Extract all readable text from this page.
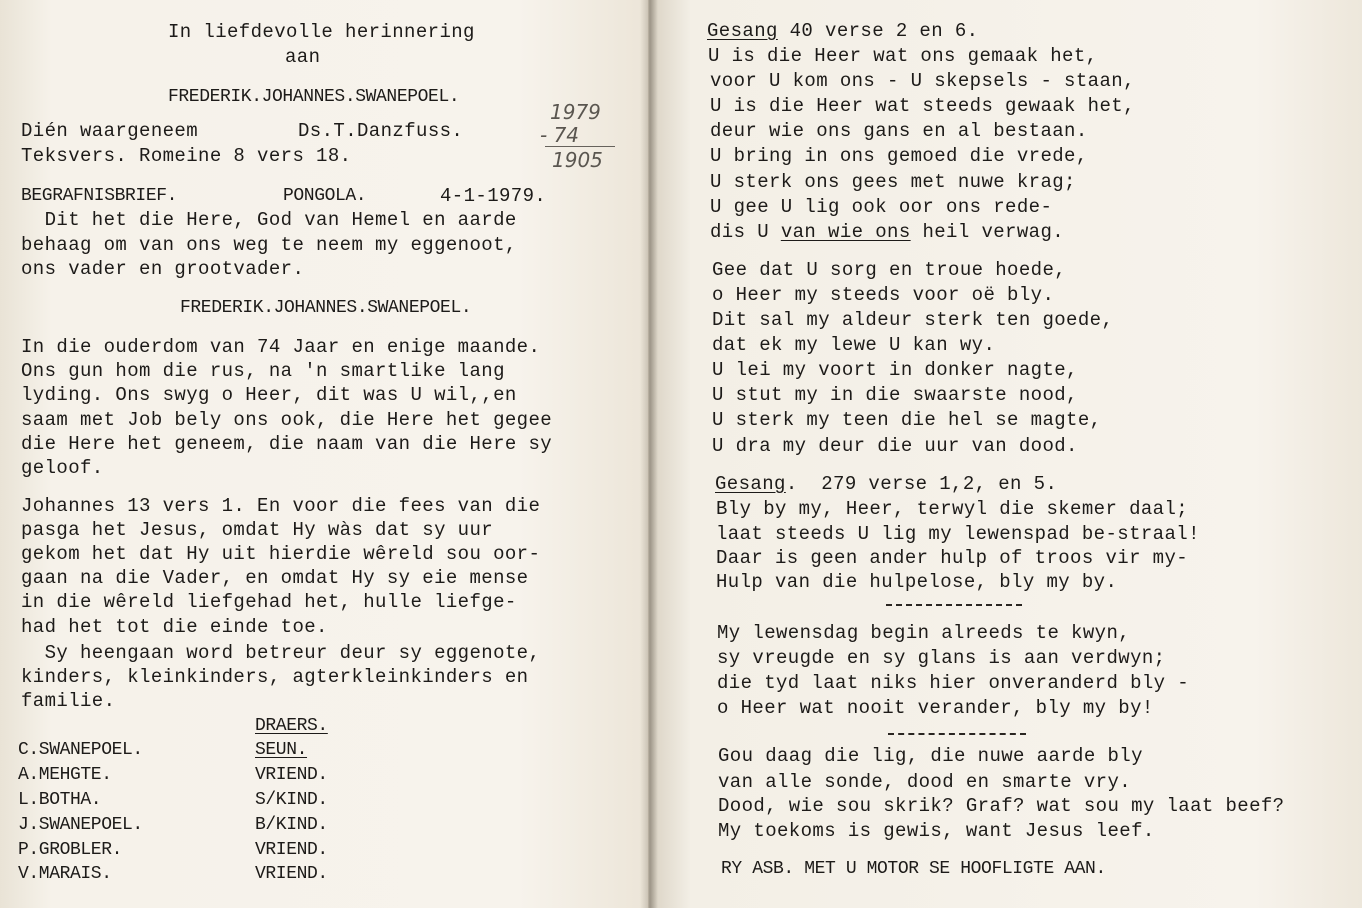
In liefdevolle herinnering
aan
FREDERIK.JOHANNES.SWANEPOEL.
Dién waargeneem	Ds.T.Danzfuss.
Teksvers. Romeine 8 vers 18.
1979
- 74
1905
BEGRAFNISBRIEF.	PONGOLA.	4-1-1979.
Dit het die Here, God van Hemel en aarde
behaag om van ons weg te neem my eggenoot,
ons vader en grootvader.
FREDERIK.JOHANNES.SWANEPOEL.
In die ouderdom van 74 Jaar en enige maande.
Ons gun hom die rus, na 'n smartlike lang
lyding. Ons swyg o Heer, dit was U wil,,en
saam met Job bely ons ook, die Here het gegee
die Here het geneem, die naam van die Here sy
geloof.
Johannes 13 vers 1. En voor die fees van die
pasga het Jesus, omdat Hy wàs dat sy uur
gekom het dat Hy uit hierdie wêreld sou oor-
gaan na die Vader, en omdat Hy sy eie mense
in die wêreld liefgehad het, hulle liefge-
had het tot die einde toe.
Sy heengaan word betreur deur sy eggenote,
kinders, kleinkinders, agterkleinkinders en
familie.
DRAERS.
C.SWANEPOEL.	SEUN.
A.MEHGTE.	VRIEND.
L.BOTHA.	S/KIND.
J.SWANEPOEL.	B/KIND.
P.GROBLER.	VRIEND.
V.MARAIS.	VRIEND.
Gesang 40 verse 2 en 6.
U is die Heer wat ons gemaak het,
voor U kom ons - U skepsels - staan,
U is die Heer wat steeds gewaak het,
deur wie ons gans en al bestaan.
U bring in ons gemoed die vrede,
U sterk ons gees met nuwe krag;
U gee U lig ook oor ons rede-
dis U van wie ons heil verwag.
Gee dat U sorg en troue hoede,
o Heer my steeds voor oë bly.
Dit sal my aldeur sterk ten goede,
dat ek my lewe U kan wy.
U lei my voort in donker nagte,
U stut my in die swaarste nood,
U sterk my teen die hel se magte,
U dra my deur die uur van dood.
Gesang.  279 verse 1,2, en 5.
Bly by my, Heer, terwyl die skemer daal;
laat steeds U lig my lewenspad be-straal!
Daar is geen ander hulp of troos vir my-
Hulp van die hulpelose, bly my by.
My lewensdag begin alreeds te kwyn,
sy vreugde en sy glans is aan verdwyn;
die tyd laat niks hier onveranderd bly -
o Heer wat nooit verander, bly my by!
Gou daag die lig, die nuwe aarde bly
van alle sonde, dood en smarte vry.
Dood, wie sou skrik? Graf? wat sou my laat beef?
My toekoms is gewis, want Jesus leef.
RY ASB. MET U MOTOR SE HOOFLIGTE AAN.
